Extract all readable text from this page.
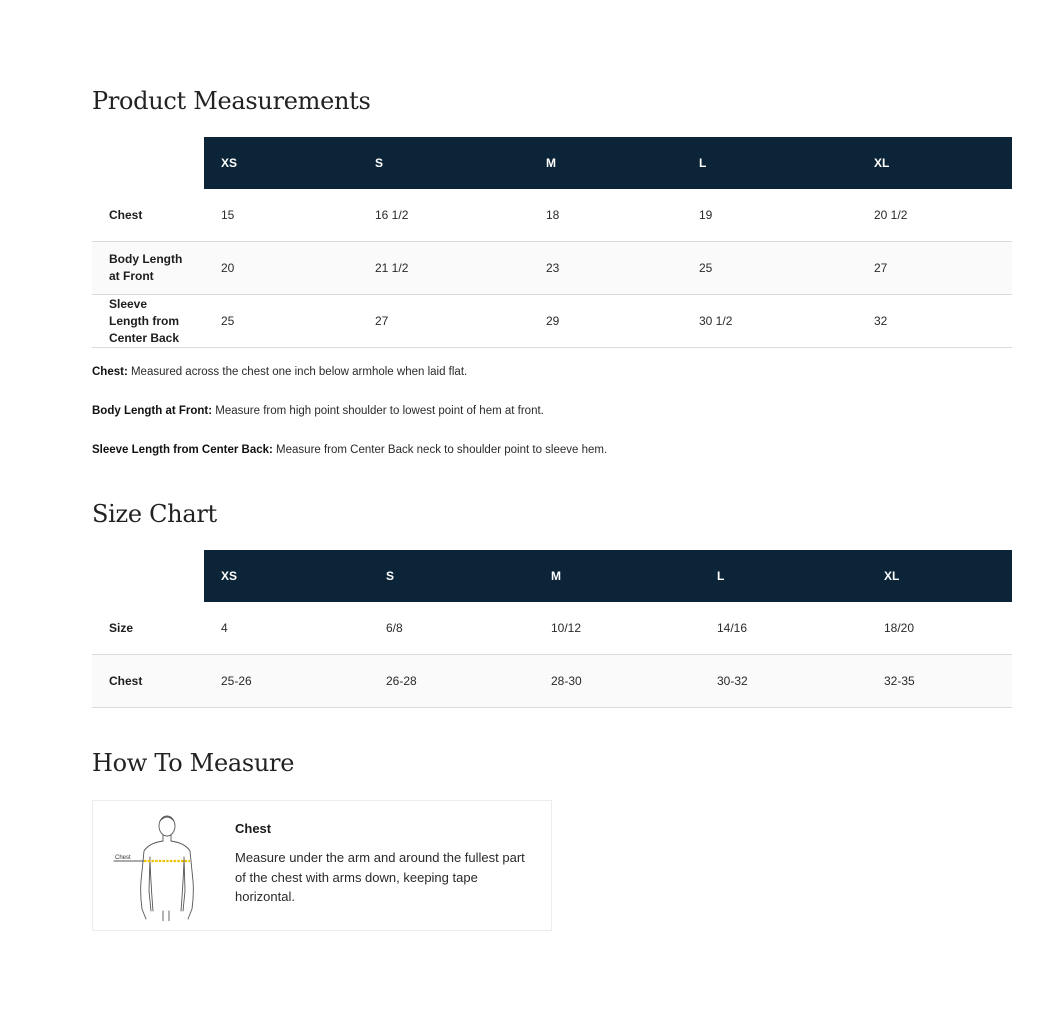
Product Measurements
	XS	S	M	L	XL
Chest	15	16 1/2	18	19	20 1/2

Body Length at Front	20	21 1/2	23	25	27

Sleeve Length from Center Back	25	27	29	30 1/2	32

Chest: Measured across the chest one inch below armhole when laid flat.

Body Length at Front: Measure from high point shoulder to lowest point of hem at front.

Sleeve Length from Center Back: Measure from Center Back neck to shoulder point to sleeve hem.

Size Chart
	XS	S	M	L	XL
Size	4	6/8	10/12	14/16	18/20
Chest	25-26	26-28	28-30	30-32	32-35
How To Measure
Chest

Chest

Measure under the arm and around the fullest part of the chest with arms down, keeping tape horizontal.
